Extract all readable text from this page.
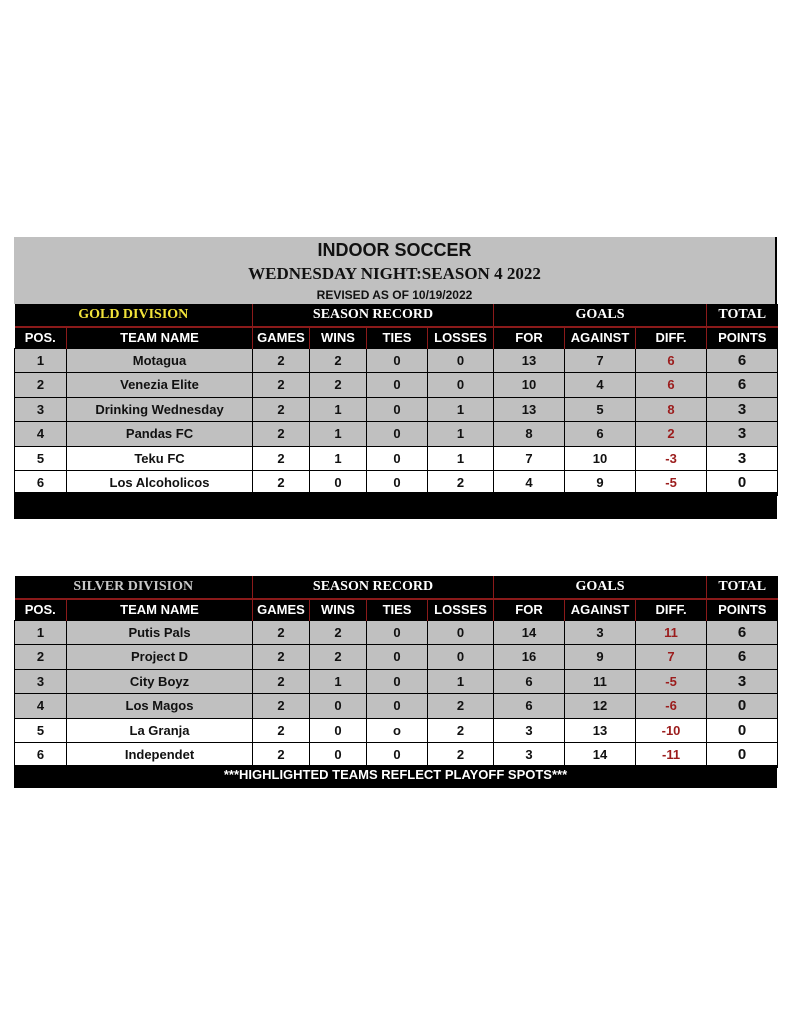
INDOOR SOCCER
WEDNESDAY NIGHT:SEASON 4 2022
REVISED AS OF 10/19/2022
GOLD DIVISION		SEASON RECORD				GOALS			TOTAL
POS.	TEAM NAME	GAMES	WINS	TIES	LOSSES	FOR	AGAINST	DIFF.	POINTS
1	Motagua	2	2	0	0	13	7	6	6
2	Venezia Elite	2	2	0	0	10	4	6	6
3	Drinking Wednesday	2	1	0	1	13	5	8	3
4	Pandas FC	2	1	0	1	8	6	2	3
5	Teku FC	2	1	0	1	7	10	-3	3
6	Los Alcoholicos	2	0	0	2	4	9	-5	0
SILVER DIVISION		SEASON RECORD				GOALS			TOTAL
POS.	TEAM NAME	GAMES	WINS	TIES	LOSSES	FOR	AGAINST	DIFF.	POINTS
1	Putis Pals	2	2	0	0	14	3	11	6
2	Project D	2	2	0	0	16	9	7	6
3	City Boyz	2	1	0	1	6	11	-5	3
4	Los Magos	2	0	0	2	6	12	-6	0
5	La Granja	2	0	o	2	3	13	-10	0
6	Independet	2	0	0	2	3	14	-11	0
***HIGHLIGHTED TEAMS REFLECT PLAYOFF SPOTS***
